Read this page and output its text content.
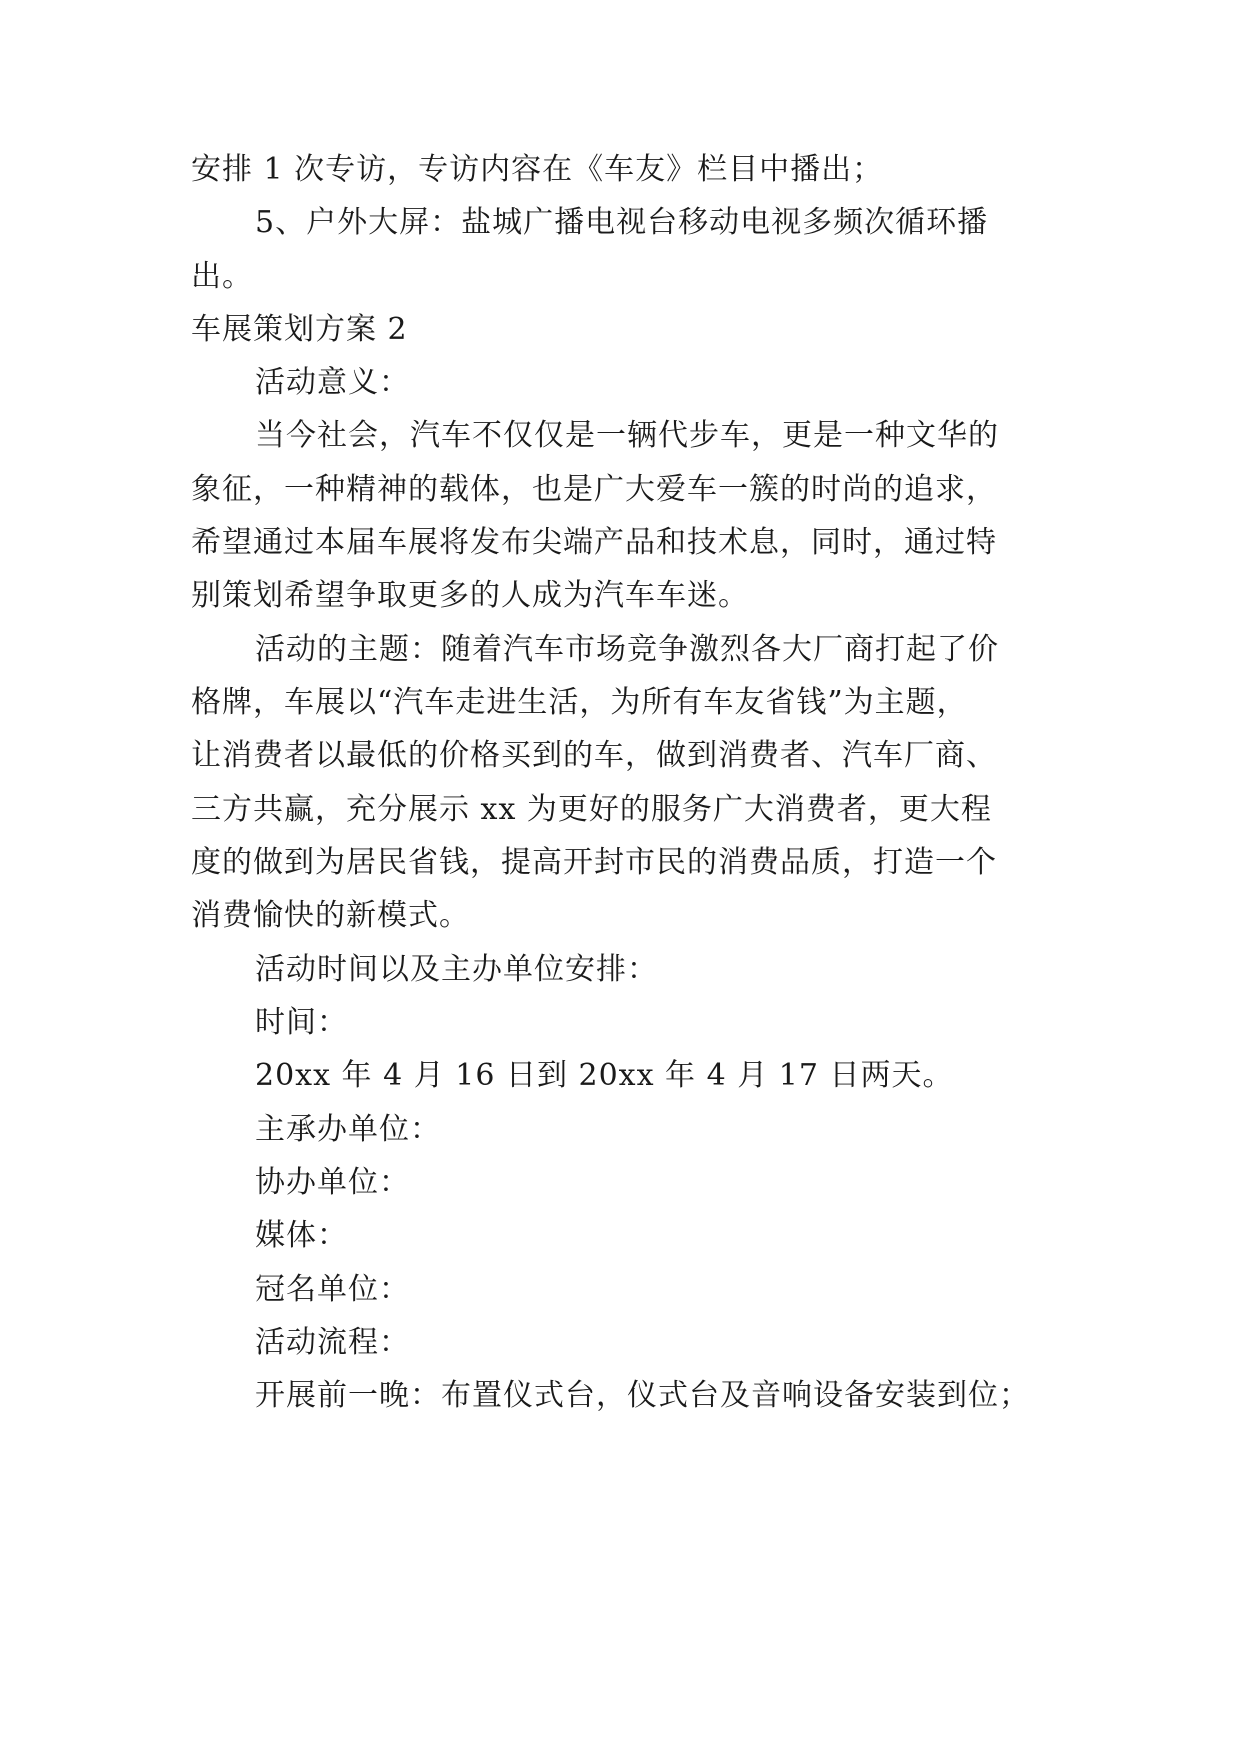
安排 1 次专访，专访内容在《车友》栏目中播出；
5、户外大屏：盐城广播电视台移动电视多频次循环播
出。
车展策划方案 2
活动意义：
当今社会，汽车不仅仅是一辆代步车，更是一种文华的
象征，一种精神的载体，也是广大爱车一簇的时尚的追求，
希望通过本届车展将发布尖端产品和技术息，同时，通过特
别策划希望争取更多的人成为汽车车迷。
活动的主题：随着汽车市场竞争激烈各大厂商打起了价
格牌，车展以“汽车走进生活，为所有车友省钱”为主题，
让消费者以最低的价格买到的车，做到消费者、汽车厂商、
三方共赢，充分展示 xx 为更好的服务广大消费者，更大程
度的做到为居民省钱，提高开封市民的消费品质，打造一个
消费愉快的新模式。
活动时间以及主办单位安排：
时间：
20xx 年 4 月 16 日到 20xx 年 4 月 17 日两天。
主承办单位：
协办单位：
媒体：
冠名单位：
活动流程：
开展前一晚：布置仪式台，仪式台及音响设备安装到位；
